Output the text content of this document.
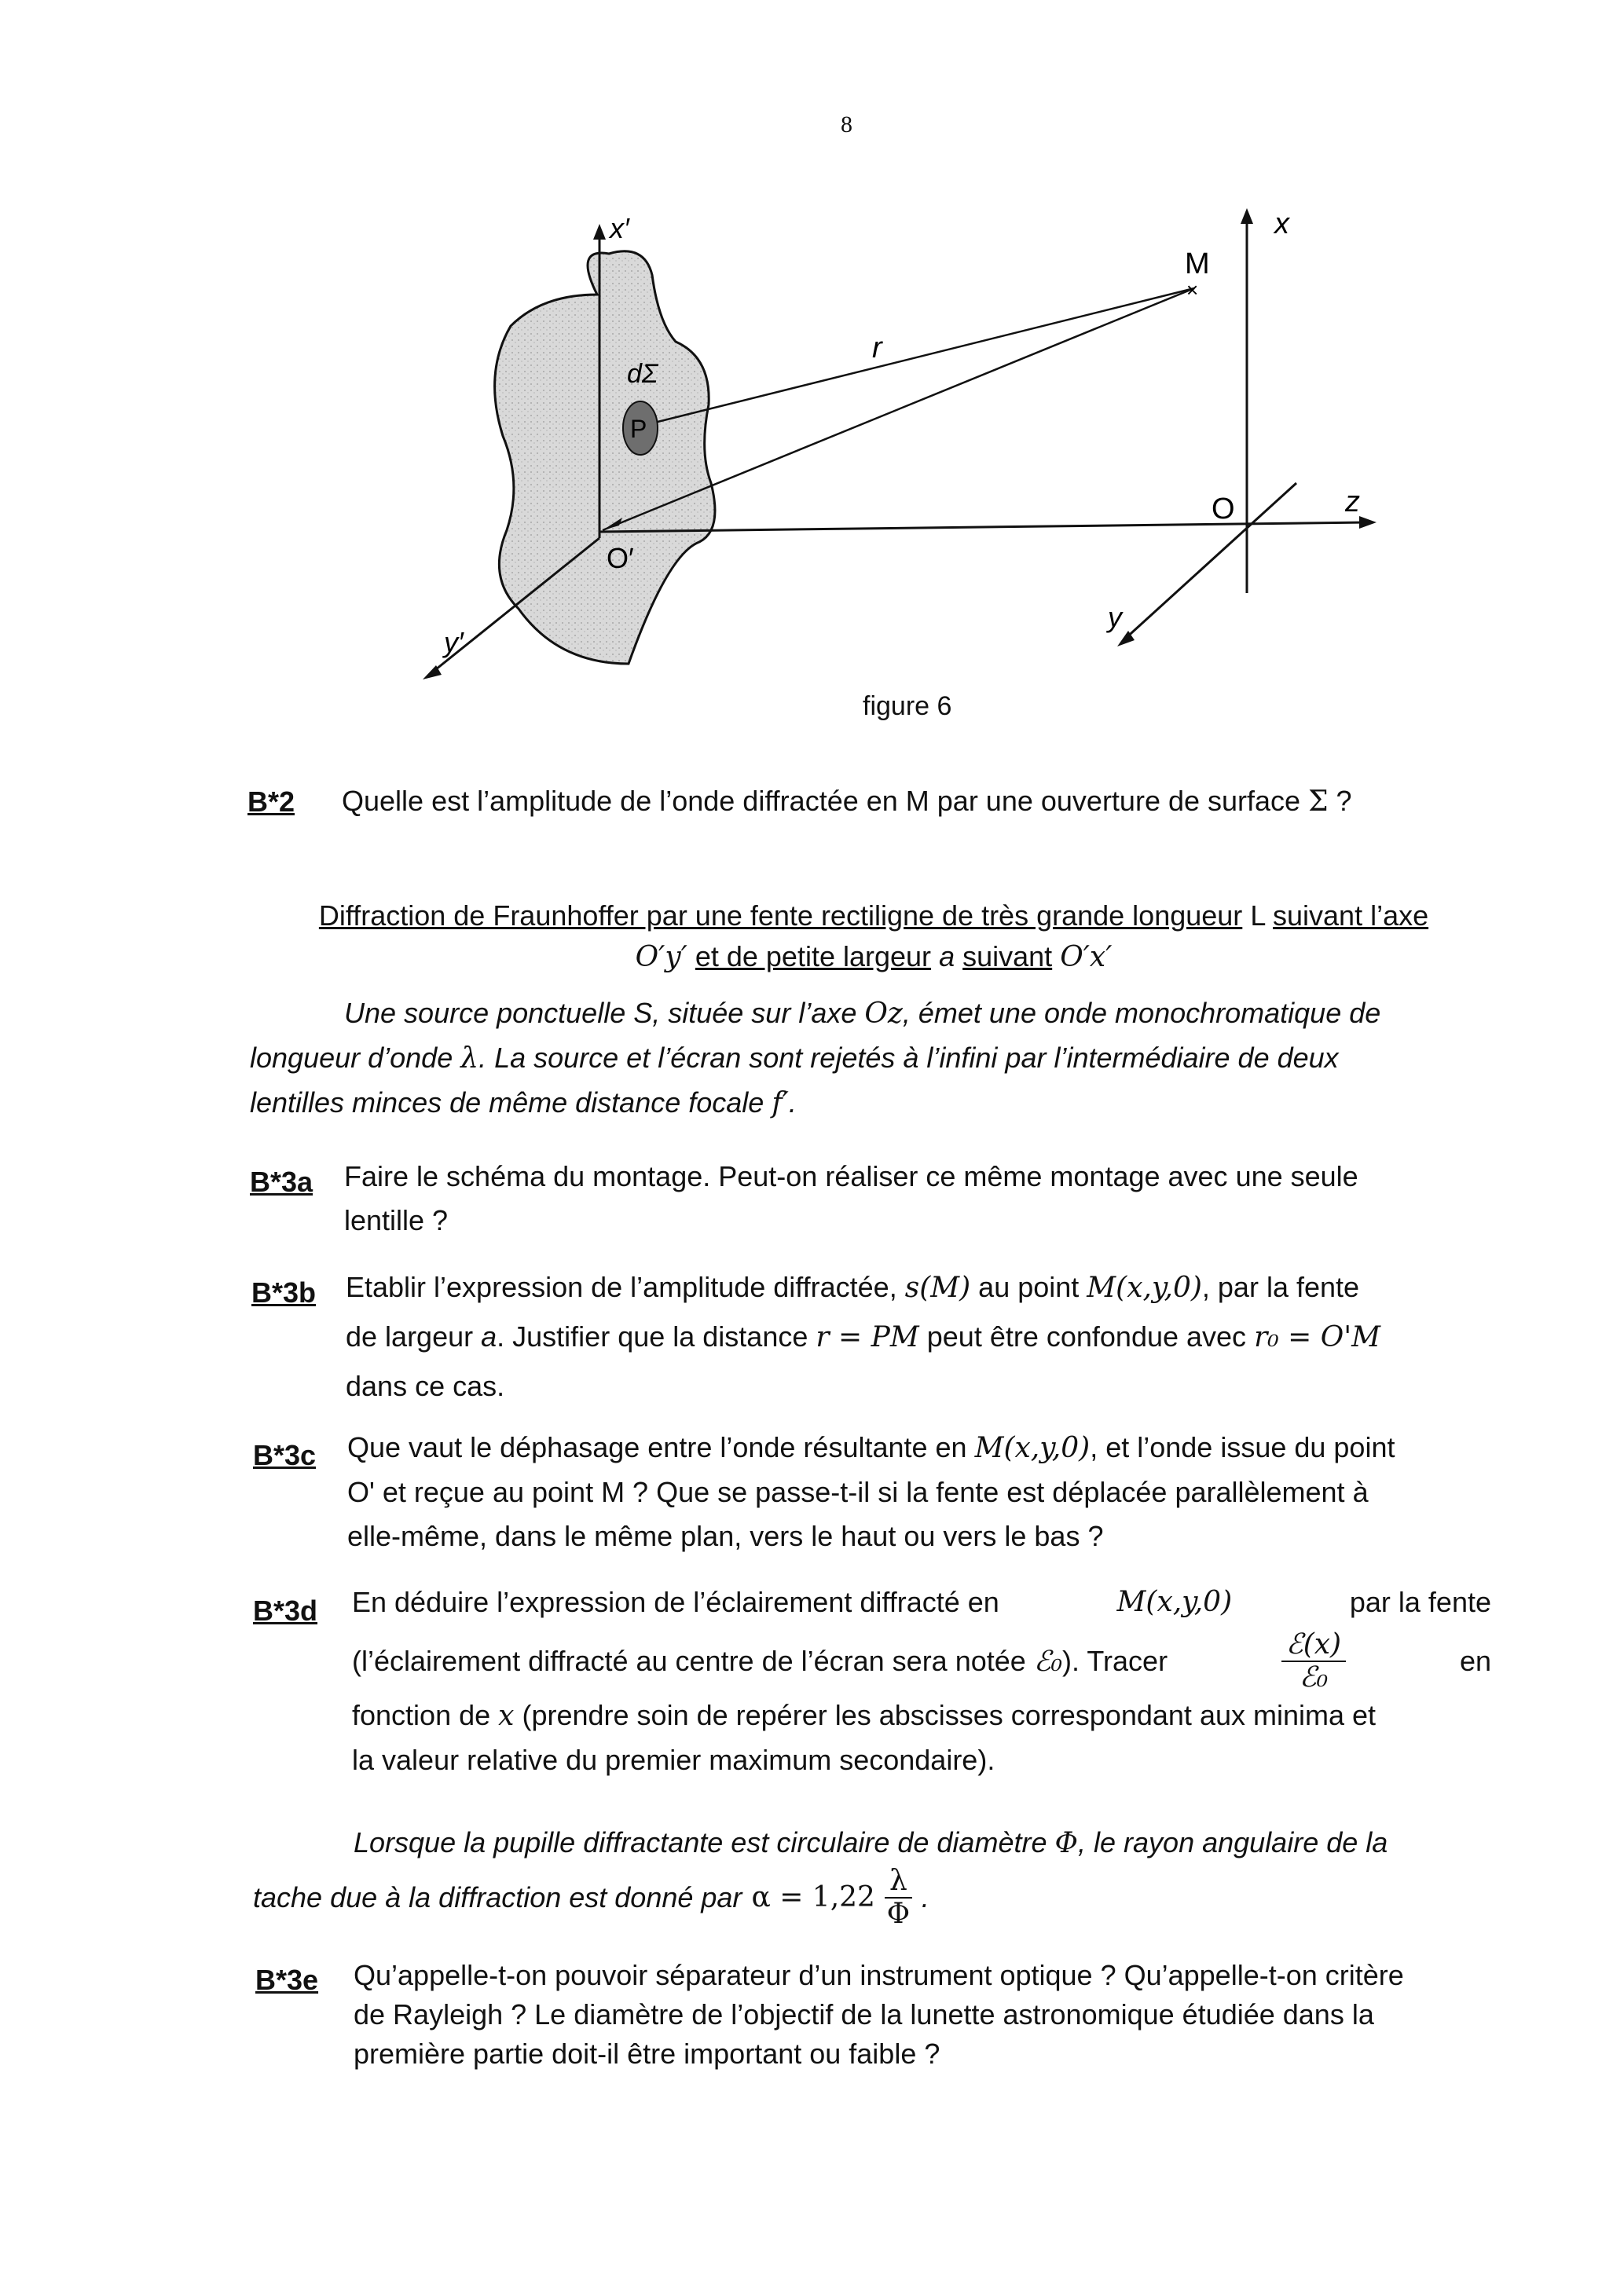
8
×
x′
y′
O′
P
dΣ
r
M
x
y
z
O
figure 6
B*2 Quelle est l’amplitude de l’onde diffractée en M par une ouverture de surface Σ ?
Diffraction de Fraunhoffer par une fente rectiligne de très grande longueur L suivant l’axe
O′y′ et de petite largeur a suivant O′x′
Une source ponctuelle S, située sur l’axe Oz, émet une onde monochromatique de
longueur d’onde λ. La source et l’écran sont rejetés à l’infini par l’intermédiaire de deux
lentilles minces de même distance focale f′.
B*3a Faire le schéma du montage. Peut-on réaliser ce même montage avec une seule
lentille ?
B*3b Etablir l’expression de l’amplitude diffractée, s(M) au point M(x,y,0), par la fente
de largeur a. Justifier que la distance r = PM peut être confondue avec r₀ = O'M
dans ce cas.
B*3c Que vaut le déphasage entre l’onde résultante en M(x,y,0), et l’onde issue du point
O' et reçue au point M ? Que se passe-t-il si la fente est déplacée parallèlement à
elle-même, dans le même plan, vers le haut ou vers le bas ?
B*3d En déduire l’expression de l’éclairement diffracté en	M(x,y,0)	par la fente
(l’éclairement diffracté au centre de l’écran sera notée ℰ₀). Tracer	$\frac{\text{ℰ(x)}}{\text{ℰ₀}}$	en
fonction de x (prendre soin de repérer les abscisses correspondant aux minima et
la valeur relative du premier maximum secondaire).
Lorsque la pupille diffractante est circulaire de diamètre Φ, le rayon angulaire de la
tache due à la diffraction est donné par $\alpha = 1,22 \frac{\lambda}{\Phi}$ .
B*3e Qu’appelle-t-on pouvoir séparateur d’un instrument optique ? Qu’appelle-t-on critère
de Rayleigh ? Le diamètre de l’objectif de la lunette astronomique étudiée dans la
première partie doit-il être important ou faible ?
